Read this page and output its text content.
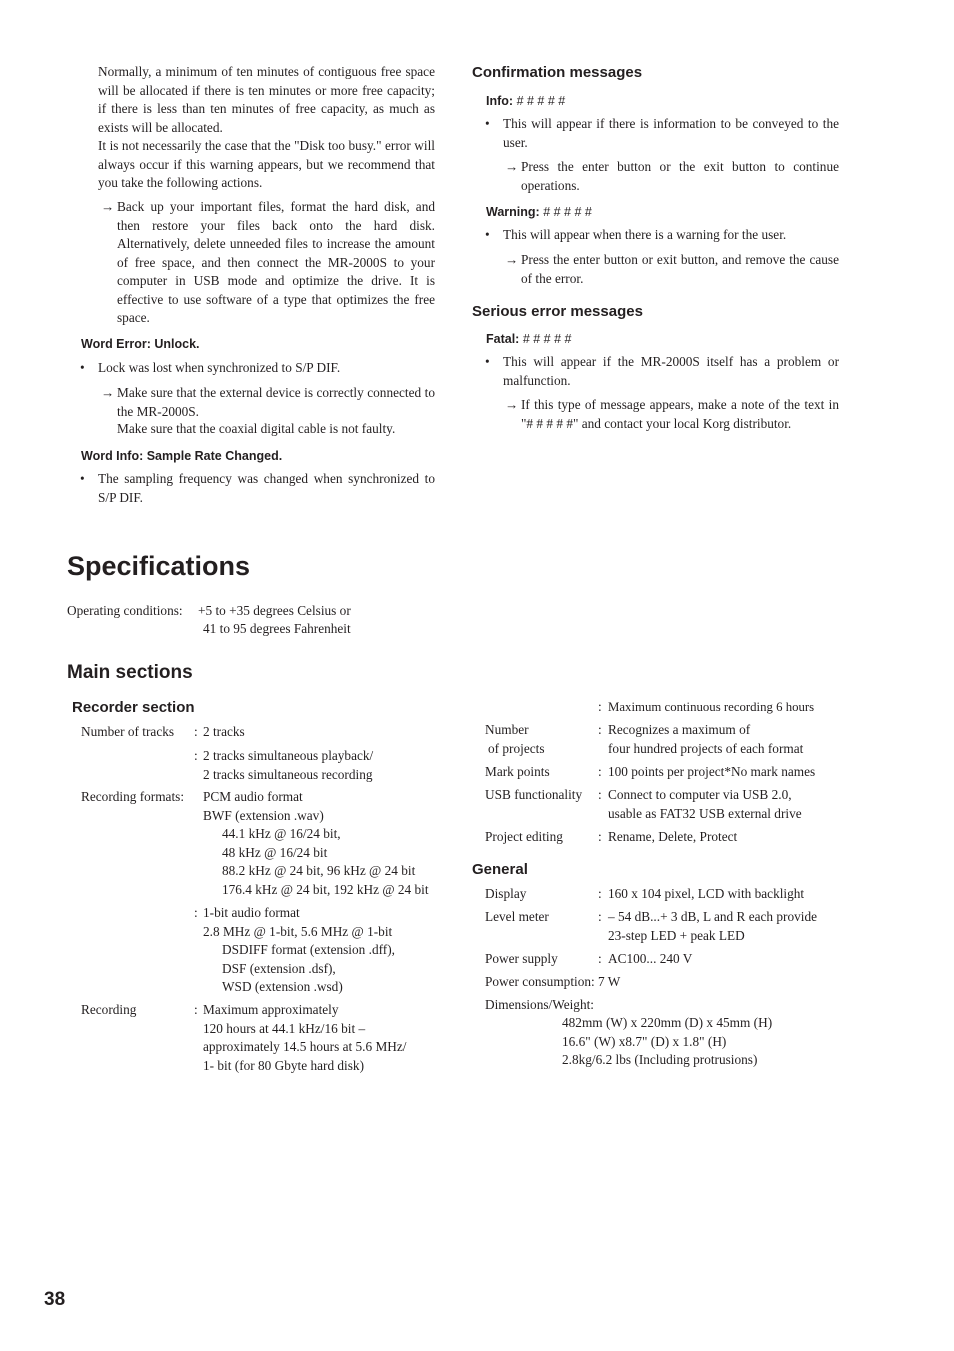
Normally, a minimum of ten minutes of contiguous free space will be allocated if there is ten minutes or more free capacity; if there is less than ten minutes of free capacity, as much as exists will be allocated.
It is not necessarily the case that the "Disk too busy." error will always occur if this warning appears, but we recommend that you take the following actions.
→ Back up your important files, format the hard disk, and then restore your files back onto the hard disk. Alternatively, delete unneeded files to increase the amount of free space, and then connect the MR-2000S to your computer in USB mode and optimize the drive. It is effective to use software of a type that optimizes the free space.
Word Error: Unlock.
• Lock was lost when synchronized to S/P DIF.
→ Make sure that the external device is correctly connected to the MR-2000S.
Make sure that the coaxial digital cable is not faulty.
Word Info: Sample Rate Changed.
• The sampling frequency was changed when synchronized to S/P DIF.
Confirmation messages
Info: # # # # #
• This will appear if there is information to be conveyed to the user.
→ Press the enter button or the exit button to continue operations.
Warning: # # # # #
• This will appear when there is a warning for the user.
→ Press the enter button or exit button, and remove the cause of the error.
Serious error messages
Fatal: # # # # #
• This will appear if the MR-2000S itself has a problem or malfunction.
→ If this type of message appears, make a note of the text in "# # # # #" and contact your local Korg distributor.
Specifications
Operating conditions: +5 to +35 degrees Celsius or
41 to 95 degrees Fahrenheit
Main sections
Recorder section
Number of tracks : 2 tracks
: 2 tracks simultaneous playback/
2 tracks simultaneous recording
Recording formats: PCM audio format
BWF (extension .wav)
44.1 kHz @ 16/24 bit,
48 kHz @ 16/24 bit
88.2 kHz @ 24 bit, 96 kHz @ 24 bit
176.4 kHz @ 24 bit, 192 kHz @ 24 bit
: 1-bit audio format
2.8 MHz @ 1-bit, 5.6 MHz @ 1-bit
DSDIFF format (extension .dff),
DSF (extension .dsf),
WSD (extension .wsd)
Recording	: Maximum approximately
120 hours at 44.1 kHz/16 bit –
approximately 14.5 hours at 5.6 MHz/
1- bit (for 80 Gbyte hard disk)
: Maximum continuous recording 6 hours
Number
of projects
: Recognizes a maximum of
four hundred projects of each format
Mark points	: 100 points per project*No mark names
USB functionality : Connect to computer via USB 2.0,
usable as FAT32 USB external drive
Project editing	: Rename, Delete, Protect
General
Display	: 160 x 104 pixel, LCD with backlight
Level meter	: – 54 dB...+ 3 dB, L and R each provide
23-step LED + peak LED
Power supply	: AC100... 240 V
Power consumption: 7 W
Dimensions/Weight:
482mm (W) x 220mm (D) x 45mm (H)
16.6" (W) x8.7" (D) x 1.8" (H)
2.8kg/6.2 lbs (Including protrusions)
38
